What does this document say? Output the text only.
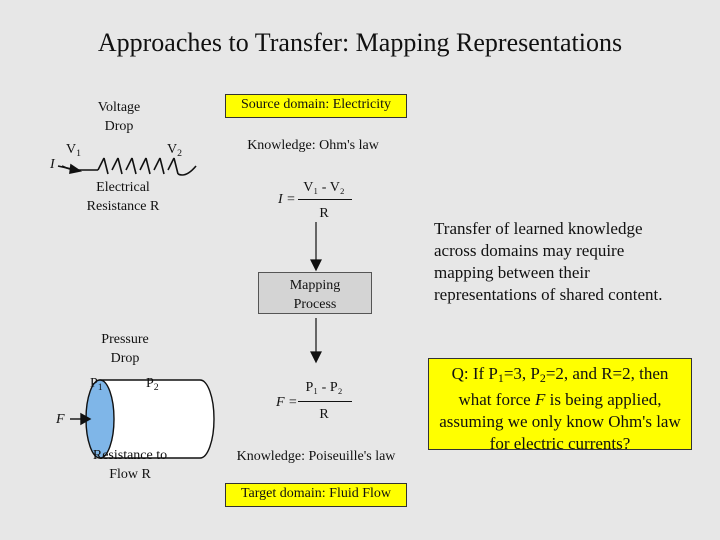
Approaches to Transfer: Mapping Representations
Voltage
Drop
$V_1$	$V_2$
I
Electrical
Resistance R
Source domain: Electricity
Knowledge: Ohm's law
I =
V₁ - V₂
R
Mapping
Process
Transfer of learned knowledge across domains may require mapping between their representations of shared content.
Pressure
Drop
$P_1$	$P_2$
F
Resistance to
Flow R
F =
P₁ - P₂
R
Knowledge: Poiseuille's law
Target domain: Fluid Flow
Q: If $P_1=3$, $P_2=2$, and R=2, then what force F is being applied, assuming we only know Ohm's law for electric currents?
